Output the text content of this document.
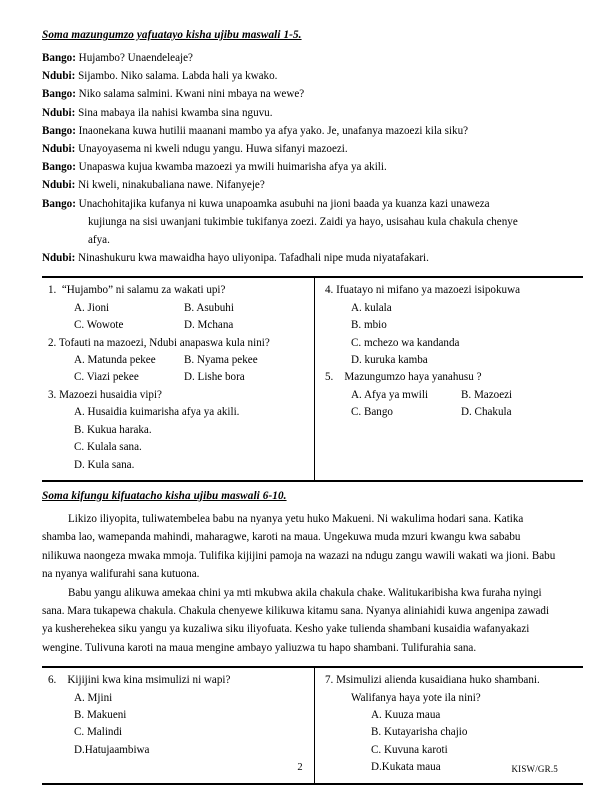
Soma mazungumzo yafuatayo kisha ujibu maswali 1-5.

Bango: Hujambo? Unaendeleaje?

Ndubi: Sijambo. Niko salama. Labda hali ya kwako.

Bango: Niko salama salmini. Kwani nini mbaya na wewe?

Ndubi: Sina mabaya ila nahisi kwamba sina nguvu.

Bango: Inaonekana kuwa hutilii maanani mambo ya afya yako. Je, unafanya mazoezi kila siku?

Ndubi: Unayoyasema ni kweli ndugu yangu. Huwa sifanyi mazoezi.

Bango: Unapaswa kujua kwamba mazoezi ya mwili huimarisha afya ya akili.

Ndubi: Ni kweli, ninakubaliana nawe. Nifanyeje?

Bango: Unachohitajika kufanya ni kuwa unapoamka asubuhi na jioni baada ya kuanza kazi unaweza

kujiunga na sisi uwanjani tukimbie tukifanya zoezi. Zaidi ya hayo, usisahau kula chakula chenye

afya.

Ndubi: Ninashukuru kwa mawaidha hayo uliyonipa. Tafadhali nipe muda niyatafakari.

1.  “Hujambo” ni salamu za wakati upi?
A. Jioni	B. Asubuhi
C. Wowote	D. Mchana
2. Tofauti na mazoezi, Ndubi anapaswa kula nini?
A. Matunda pekee	B. Nyama pekee
C. Viazi pekee	D. Lishe bora
3. Mazoezi husaidia vipi?
A. Husaidia kuimarisha afya ya akili.
B. Kukua haraka.
C. Kulala sana.
D. Kula sana.

4. Ifuatayo ni mifano ya mazoezi isipokuwa
A. kulala
B. mbio
C. mchezo wa kandanda
D. kuruka kamba
5.    Mazungumzo haya yanahusu ?
A. Afya ya mwili	B. Mazoezi
C. Bango	D. Chakula
Soma kifungu kifuatacho kisha ujibu maswali 6-10.

Likizo iliyopita, tuliwatembelea babu na nyanya yetu huko Makueni. Ni wakulima hodari sana. Katika shamba lao, wamepanda mahindi, maharagwe, karoti na maua. Ungekuwa muda mzuri kwangu kwa sababu nilikuwa naongeza mwaka mmoja. Tulifika kijijini pamoja na wazazi na ndugu zangu wawili wakati wa jioni. Babu na nyanya walifurahi sana kutuona.

Babu yangu alikuwa amekaa chini ya mti mkubwa akila chakula chake. Walitukaribisha kwa furaha nyingi sana. Mara tukapewa chakula. Chakula chenyewe kilikuwa kitamu sana. Nyanya aliniahidi kuwa angenipa zawadi ya kusherehekea siku yangu ya kuzaliwa siku iliyofuata. Kesho yake tulienda shambani kusaidia wafanyakazi wengine. Tulivuna karoti na maua mengine ambayo yaliuzwa tu hapo shambani. Tulifurahia sana.

6.    Kijijini kwa kina msimulizi ni wapi?
A. Mjini
B. Makueni
C. Malindi
D.Hatujaambiwa

7. Msimulizi alienda kusaidiana huko shambani.
Walifanya haya yote ila nini?
A. Kuuza maua
B. Kutayarisha chajio
C. Kuvuna karoti
D.Kukata maua
2	KISW/GR.5
